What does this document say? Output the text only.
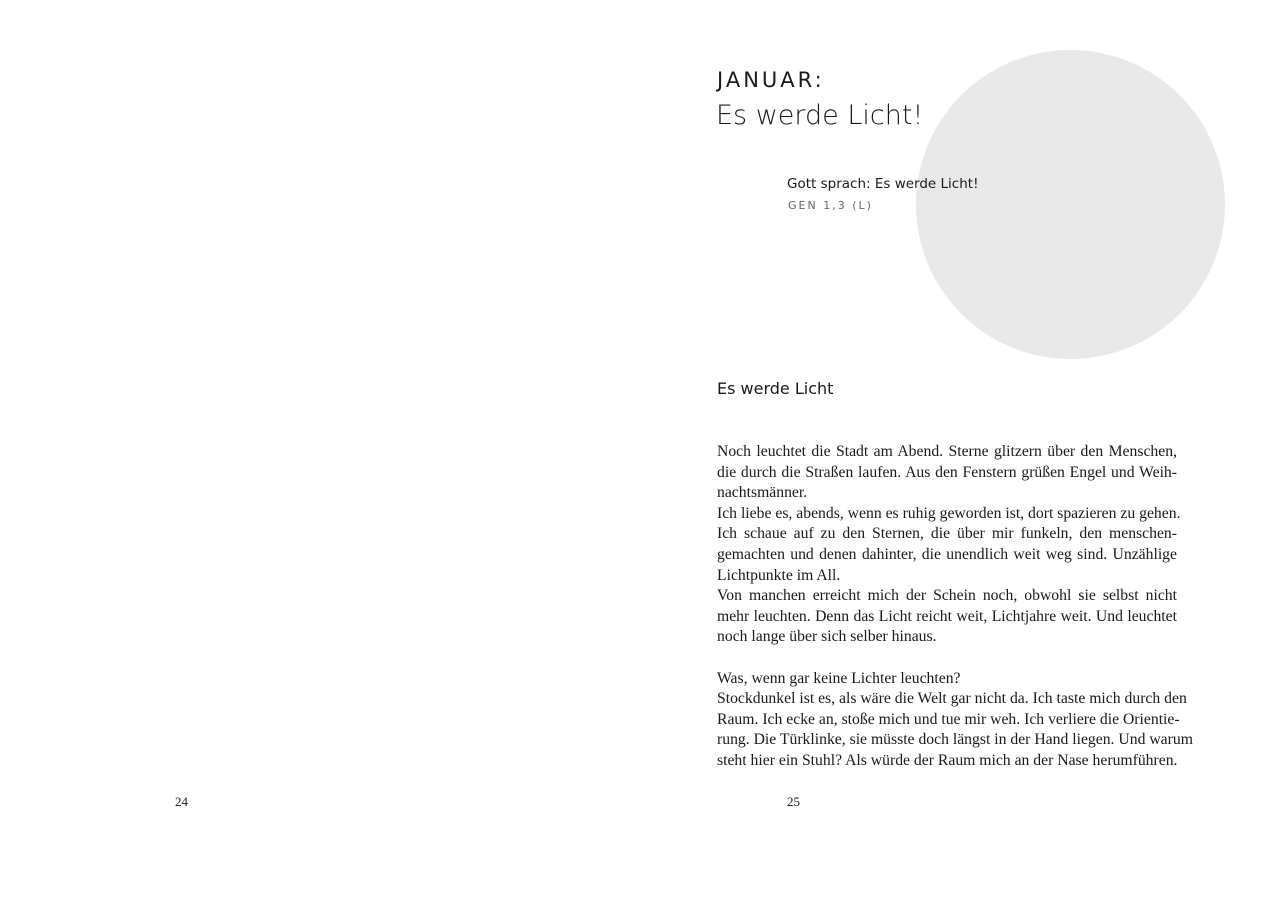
JANUAR:
Es werde Licht!
Gott sprach: Es werde Licht!
GEN 1,3 (L)
Es werde Licht
Noch leuchtet die Stadt am Abend. Sterne glitzern über den Menschen,
die durch die Straßen laufen. Aus den Fenstern grüßen Engel und Weih-
nachtsmänner.
Ich liebe es, abends, wenn es ruhig geworden ist, dort spazieren zu gehen.
Ich schaue auf zu den Sternen, die über mir funkeln, den menschen-
gemachten und denen dahinter, die unendlich weit weg sind. Unzählige
Lichtpunkte im All.
Von manchen erreicht mich der Schein noch, obwohl sie selbst nicht
mehr leuchten. Denn das Licht reicht weit, Lichtjahre weit. Und leuchtet
noch lange über sich selber hinaus.
Was, wenn gar keine Lichter leuchten?
Stockdunkel ist es, als wäre die Welt gar nicht da. Ich taste mich durch den
Raum. Ich ecke an, stoße mich und tue mir weh. Ich verliere die Orientie-
rung. Die Türklinke, sie müsste doch längst in der Hand liegen. Und warum
steht hier ein Stuhl? Als würde der Raum mich an der Nase herumführen.
24	25
